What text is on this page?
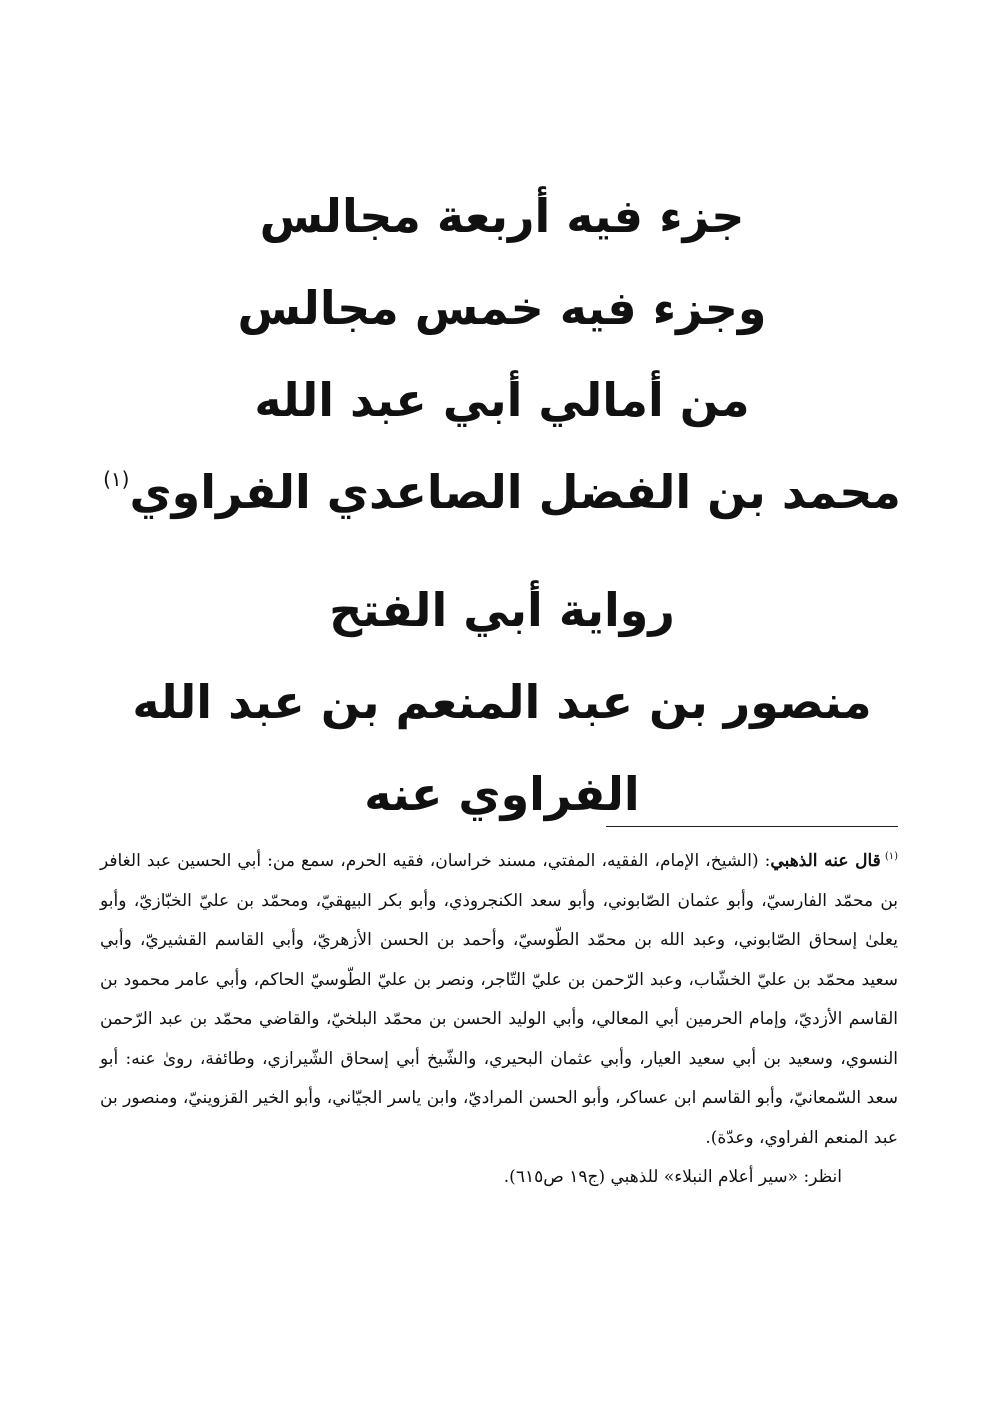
جزء فيه أربعة مجالس
وجزء فيه خمس مجالس
من أمالي أبي عبد الله
محمد بن الفضل الصاعدي الفراوي$^{(١)}$
رواية أبي الفتح
منصور بن عبد المنعم بن عبد الله
الفراوي عنه
$^{(١)}$قال عنه الذهبي: (الشيخ، الإمام، الفقيه، المفتي، مسند خراسان، فقيه الحرم، سمع من: أبي الحسين عبد الغافر بن محمّد الفارسيّ، وأبو عثمان الصّابوني، وأبو سعد الكنجروذي، وأبو بكر البيهقيّ، ومحمّد بن عليّ الخبّازيّ، وأبو يعلىٰ إسحاق الصّابوني، وعبد الله بن محمّد الطّوسيّ، وأحمد بن الحسن الأزهريّ، وأبي القاسم القشيريّ، وأبي سعيد محمّد بن عليّ الخشّاب، وعبد الرّحمن بن عليّ التّاجر، ونصر بن عليّ الطّوسيّ الحاكم، وأبي عامر محمود بن القاسم الأزديّ، وإمام الحرمين أبي المعالي، وأبي الوليد الحسن بن محمّد البلخيّ، والقاضي محمّد بن عبد الرّحمن النسوي، وسعيد بن أبي سعيد العيار، وأبي عثمان البحيري، والشّيخ أبي إسحاق الشّيرازي، وطائفة، روىٰ عنه: أبو سعد السّمعانيّ، وأبو القاسم ابن عساكر، وأبو الحسن المراديّ، وابن ياسر الجيّاني، وأبو الخير القزوينيّ، ومنصور بن عبد المنعم الفراوي، وعدّة).
انظر: «سير أعلام النبلاء» للذهبي (ج١٩ ص٦١٥).
